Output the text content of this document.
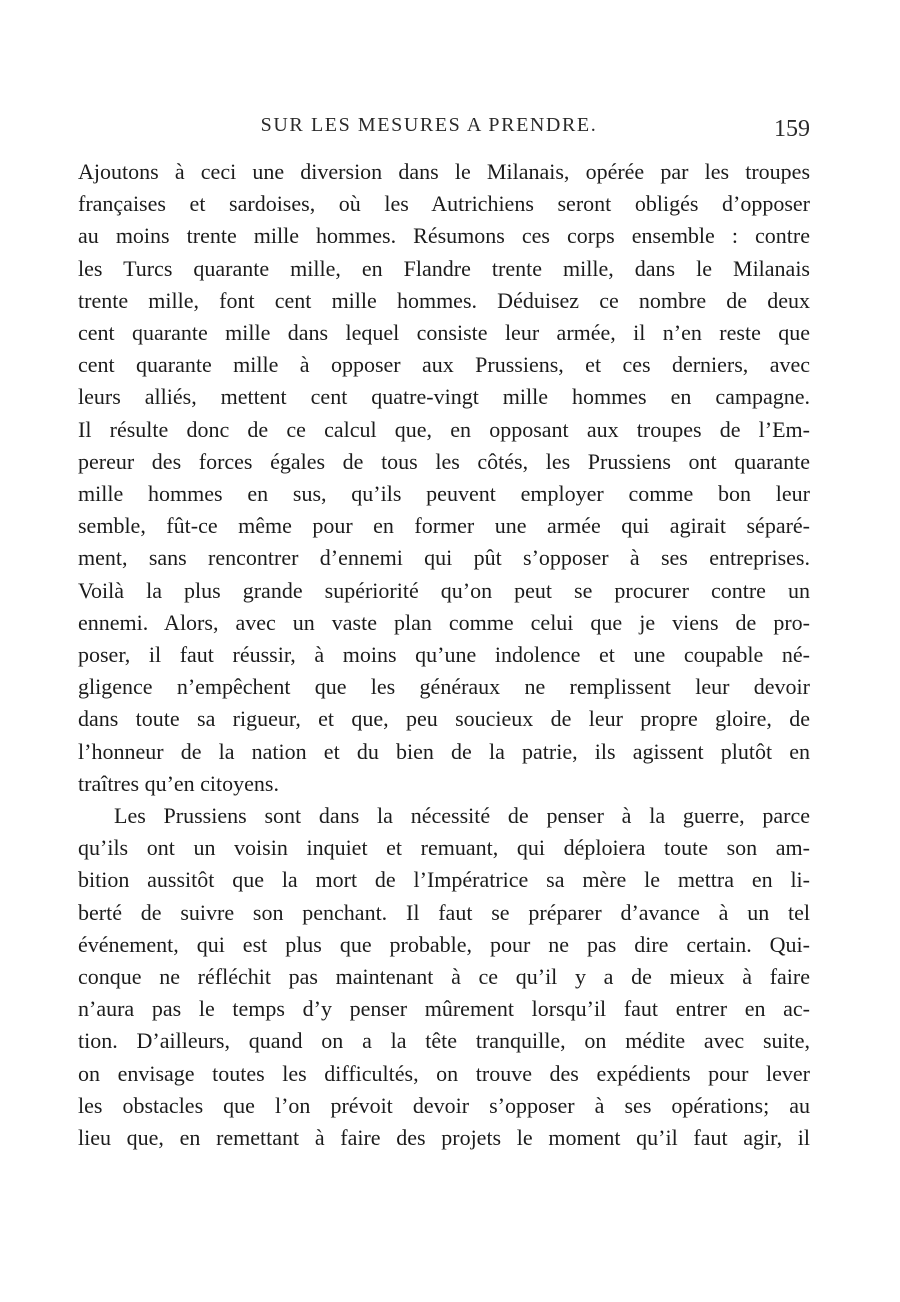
SUR LES MESURES A PRENDRE.	159
Ajoutons à ceci une diversion dans le Milanais, opérée par les troupes
françaises et sardoises, où les Autrichiens seront obligés d’opposer
au moins trente mille hommes. Résumons ces corps ensemble : contre
les Turcs quarante mille, en Flandre trente mille, dans le Milanais
trente mille, font cent mille hommes. Déduisez ce nombre de deux
cent quarante mille dans lequel consiste leur armée, il n’en reste que
cent quarante mille à opposer aux Prussiens, et ces derniers, avec
leurs alliés, mettent cent quatre-vingt mille hommes en campagne.
Il résulte donc de ce calcul que, en opposant aux troupes de l’Em-
pereur des forces égales de tous les côtés, les Prussiens ont quarante
mille hommes en sus, qu’ils peuvent employer comme bon leur
semble, fût-ce même pour en former une armée qui agirait séparé-
ment, sans rencontrer d’ennemi qui pût s’opposer à ses entreprises.
Voilà la plus grande supériorité qu’on peut se procurer contre un
ennemi. Alors, avec un vaste plan comme celui que je viens de pro-
poser, il faut réussir, à moins qu’une indolence et une coupable né-
gligence n’empêchent que les généraux ne remplissent leur devoir
dans toute sa rigueur, et que, peu soucieux de leur propre gloire, de
l’honneur de la nation et du bien de la patrie, ils agissent plutôt en
traîtres qu’en citoyens.
Les Prussiens sont dans la nécessité de penser à la guerre, parce
qu’ils ont un voisin inquiet et remuant, qui déploiera toute son am-
bition aussitôt que la mort de l’Impératrice sa mère le mettra en li-
berté de suivre son penchant. Il faut se préparer d’avance à un tel
événement, qui est plus que probable, pour ne pas dire certain. Qui-
conque ne réfléchit pas maintenant à ce qu’il y a de mieux à faire
n’aura pas le temps d’y penser mûrement lorsqu’il faut entrer en ac-
tion. D’ailleurs, quand on a la tête tranquille, on médite avec suite,
on envisage toutes les difficultés, on trouve des expédients pour lever
les obstacles que l’on prévoit devoir s’opposer à ses opérations; au
lieu que, en remettant à faire des projets le moment qu’il faut agir, il
